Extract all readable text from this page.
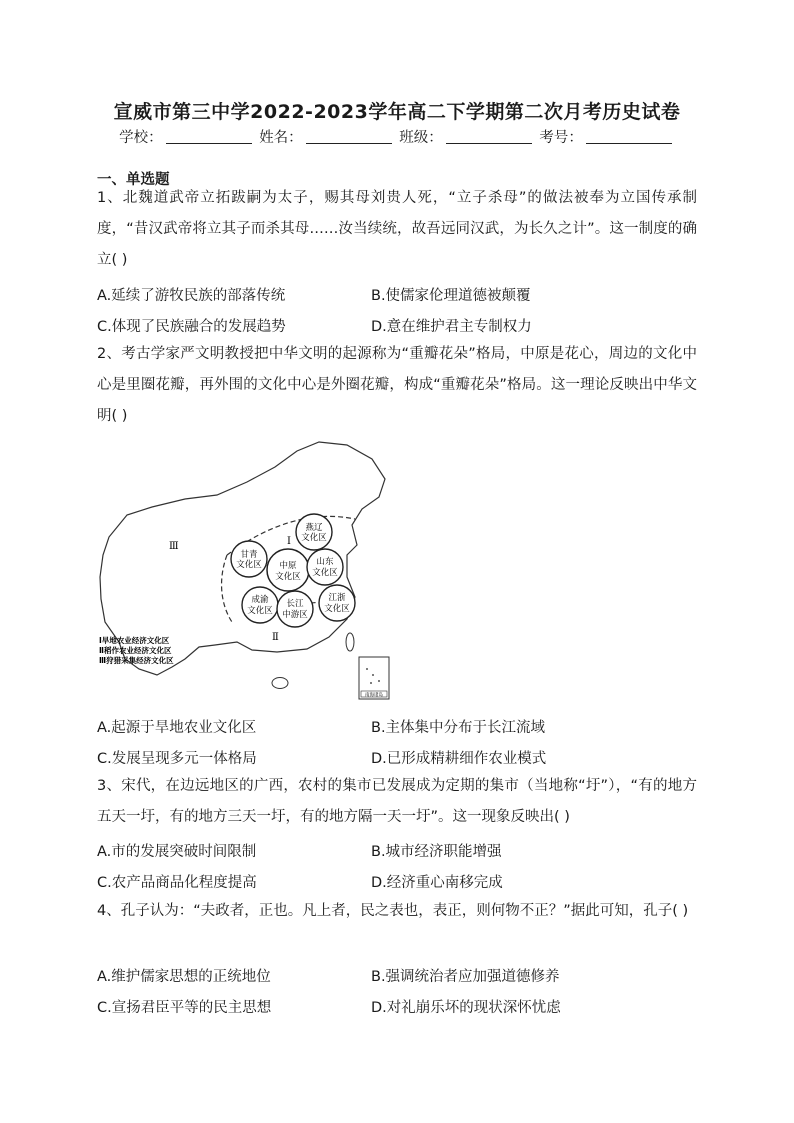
宣威市第三中学2022-2023学年高二下学期第二次月考历史试卷
学校：	姓名：	班级：	考号：
一、单选题
1、北魏道武帝立拓跋嗣为太子，赐其母刘贵人死，“立子杀母”的做法被奉为立国传承制度，“昔汉武帝将立其子而杀其母……汝当续统，故吾远同汉武，为长久之计”。这一制度的确立( )
A.延续了游牧民族的部落传统	B.使儒家伦理道德被颠覆
C.体现了民族融合的发展趋势	D.意在维护君主专制权力
2、考古学家严文明教授把中华文明的起源称为“重瓣花朵”格局，中原是花心，周边的文化中心是里圈花瓣，再外围的文化中心是外圈花瓣，构成“重瓣花朵”格局。这一理论反映出中华文明( )
Ⅲ	Ⅰ
Ⅱ
燕辽
文化区
甘青
文化区 中原
文化区
山东
文化区
成渝
文化区
长江
中游区
江浙
文化区
Ⅰ旱地农业经济文化区
Ⅱ稻作农业经济文化区
Ⅲ狩猎采集经济文化区
南海诸岛
A.起源于旱地农业文化区	B.主体集中分布于长江流域
C.发展呈现多元一体格局	D.已形成精耕细作农业模式
3、宋代，在边远地区的广西，农村的集市已发展成为定期的集市（当地称“圩”），“有的地方五天一圩，有的地方三天一圩，有的地方隔一天一圩”。这一现象反映出( )
A.市的发展突破时间限制	B.城市经济职能增强
C.农产品商品化程度提高	D.经济重心南移完成
4、孔子认为：“夫政者，正也。凡上者，民之表也，表正，则何物不正？”据此可知，孔子( )
A.维护儒家思想的正统地位	B.强调统治者应加强道德修养
C.宣扬君臣平等的民主思想	D.对礼崩乐坏的现状深怀忧虑
